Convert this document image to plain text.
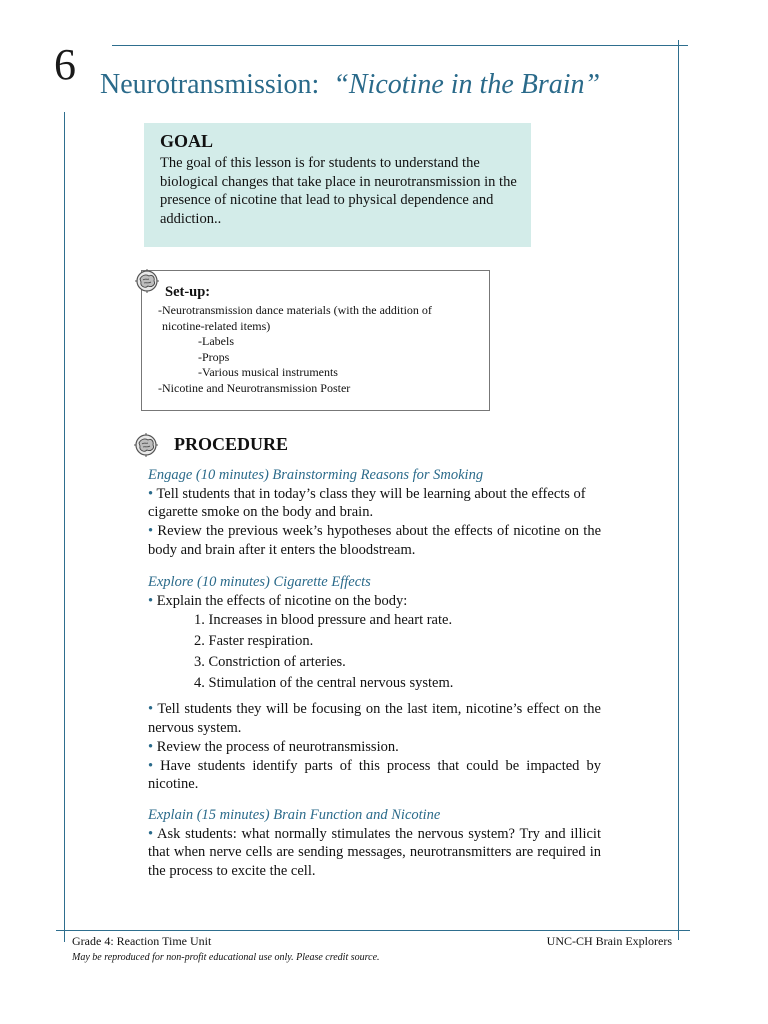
6 Neurotransmission: “Nicotine in the Brain”
GOAL
The goal of this lesson is for students to understand the biological changes that take place in neurotransmission in the presence of nicotine that lead to physical dependence and addiction..
Set-up:
-Neurotransmission dance materials (with the addition of
nicotine-related items)
-Labels
-Props
-Various musical instruments
-Nicotine and Neurotransmission Poster
PROCEDURE
Engage (10 minutes) Brainstorming Reasons for Smoking
• Tell students that in today’s class they will be learning about the effects of cigarette smoke on the body and brain.
• Review the previous week’s hypotheses about the effects of nicotine on the body and brain after it enters the bloodstream.
Explore (10 minutes) Cigarette Effects
• Explain the effects of nicotine on the body:
1. Increases in blood pressure and heart rate.
2. Faster respiration.
3. Constriction of arteries.
4. Stimulation of the central nervous system.
• Tell students they will be focusing on the last item, nicotine’s effect on the nervous system.
• Review the process of neurotransmission.
• Have students identify parts of this process that could be impacted by nicotine.
Explain (15 minutes) Brain Function and Nicotine
• Ask students: what normally stimulates the nervous system? Try and illicit that when nerve cells are sending messages, neurotransmitters are required in the process to excite the cell.
Grade 4: Reaction Time Unit	UNC-CH Brain Explorers
May be reproduced for non-profit educational use only. Please credit source.
